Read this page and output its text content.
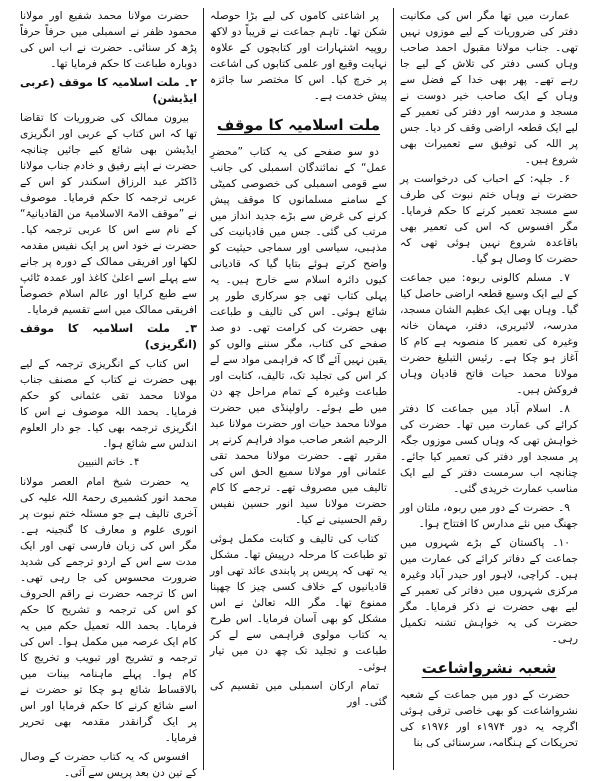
عمارت میں تھا مگر اس کی مکانیت دفتر کی ضروریات کے لیے موزوں نہیں تھی۔ جناب مولانا مقبول احمد صاحب وہاں کسی دفتر کی تلاش کے لیے جا رہے تھے۔ پھر بھی خدا کے فضل سے وہاں کے ایک صاحب خیر دوست نے مسجد و مدرسہ اور دفتر کی تعمیر کے لیے ایک قطعہ اراضی وقف کر دیا۔ جس پر اللہ کی توفیق سے تعمیرات بھی شروع ہیں۔

۶۔ جلپہ: کے احباب کی درخواست پر حضرت نے وہاں ختم نبوت کی طرف سے مسجد تعمیر کرنے کا حکم فرمایا۔ مگر افسوس کہ اس کی تعمیر بھی باقاعدہ شروع نہیں ہوئی تھی کہ حضرت کا وصال ہو گیا۔

۷۔ مسلم کالونی ربوہ: میں جماعت کے لیے ایک وسیع قطعہ اراضی حاصل کیا گیا۔ وہاں بھی ایک عظیم الشان مسجد، مدرسہ، لائبریری، دفتر، مہمان خانہ وغیرہ کی تعمیر کا منصوبہ ہے کام کا آغاز ہو چکا ہے۔ رئیس التبلیغ حضرت مولانا محمد حیات فاتح قادیان وہاں فروکش ہیں۔

۸۔ اسلام آباد میں جماعت کا دفتر کرائے کی عمارت میں تھا۔ حضرت کی خواہش تھی کہ وہاں کسی موزوں جگہ پر مسجد اور دفتر کی تعمیر کیا جائے۔ چنانچہ اب سرمست دفتر کے لیے ایک مناسب عمارت خریدی گئی۔

۹۔ حضرت کے دور میں ربوہ، ملتان اور جھنگ میں نئے مدارس کا افتتاح ہوا۔

۱۰۔ پاکستان کے بڑے شہروں میں جماعت کے دفاتر کرائے کی عمارت میں ہیں۔ کراچی، لاہور اور حیدر آباد وغیرہ مرکزی شہروں میں دفاتر کی تعمیر کے لیے بھی حضرت نے ذکر فرمایا۔ مگر حضرت کی یہ خواہش تشنہ تکمیل رہی۔

شعبہ نشرواشاعت

حضرت کے دور میں جماعت کے شعبہ نشرواشاعت کو بھی خاصی ترقی ہوئی اگرچہ یہ دور ۱۹۷۴ء اور ۱۹۷۶ء کی تحریکات کے ہنگامہ، سرسنائی کی بنا

پر اشاعتی کاموں کی لیے بڑا حوصلہ شکن تھا۔ تاہم جماعت نے قریباً دو لاکھ روپیہ اشتہارات اور کتابچوں کے علاوہ نہایت وقیع اور علمی کتابوں کی اشاعت پر خرچ کیا۔ اس کا مختصر سا جائزہ پیش خدمت ہے۔

ملت اسلامیہ کا موقف

دو سو صفحے کی یہ کتاب ”محضرِ عمل“ کے نمائندگان اسمبلی کی جانب سے قومی اسمبلی کی خصوصی کمیٹی کے سامنے مسلمانوں کا موقف پیش کرنے کی غرض سے بڑے جدید انداز میں مرتب کی گئی۔ جس میں قادیانیت کی مذہبی، سیاسی اور سماجی حیثیت کو واضح کرتے ہوئے بتایا گیا کہ قادیانی کیوں دائرہ اسلام سے خارج ہیں۔ یہ پہلی کتاب تھی جو سرکاری طور پر شائع ہوئی۔ اس کی تالیف و طباعت بھی حضرت کی کرامت تھی۔ دو صد صفحے کی کتاب، مگر سننے والوں کو یقین نہیں آئے گا کہ فراہمی مواد سے لے کر اس کی تجلید تک، تالیف، کتابت اور طباعت وغیرہ کے تمام مراحل چھ دن میں طے ہوئے۔ راولپنڈی میں حضرت مولانا محمد حیات اور حضرت مولانا عبد الرحیم اشعر صاحب مواد فراہم کرنے پر مقرر تھے۔ حضرت مولانا محمد تقی عثمانی اور مولانا سمیع الحق اس کی تالیف میں مصروف تھے۔ ترجمے کا کام حضرت مولانا سید انور حسین نفیس رقم الحسینی نے کیا۔

کتاب کی تالیف و کتابت مکمل ہوئی تو طباعت کا مرحلہ درپیش تھا۔ مشکل یہ تھی کہ پریس پر پابندی عائد تھی اور قادیانیوں کے خلاف کسی چیز کا چھپنا ممنوع تھا۔ مگر اللہ تعالیٰ نے اس مشکل کو بھی آسان فرمایا۔ اس طرح یہ کتاب مولوی فراہمی سے لے کر طباعت و تجلید تک چھ دن میں تیار ہوئی۔

تمام ارکان اسمبلی میں تقسیم کی گئی۔ اور

حضرت مولانا محمد شفیع اور مولانا محمود ظفر نے اسمبلی میں حرفاً حرفاً پڑھ کر سنائی۔ حضرت نے اب اس کی دوبارہ طباعت کا حکم فرمایا تھا۔

۲۔ ملت اسلامیہ کا موقف (عربی ایڈیشن)

بیرون ممالک کی ضروریات کا تقاضا تھا کہ اس کتاب کے عربی اور انگریزی ایڈیشن بھی شائع کیے جائیں چنانچہ حضرت نے اپنے رفیق و خادم جناب مولانا ڈاکٹر عبد الرزاق اسکندر کو اس کے عربی ترجمہ کا حکم فرمایا۔ موصوف نے ”موقف الامۃ الاسلامیۃ من القادیانیۃ“ کے نام سے اس کا عربی ترجمہ کیا۔ حضرت نے خود اس پر ایک نفیس مقدمہ لکھا اور افریقی ممالک کے دورہ پر جانے سے پہلے اسے اعلیٰ کاغذ اور عمدہ ٹائپ سے طبع کرایا اور عالم اسلام خصوصاً افریقی ممالک میں اسے تقسیم فرمایا۔

۳۔ ملت اسلامیہ کا موقف (انگریزی)

اس کتاب کے انگریزی ترجمہ کے لیے بھی حضرت نے کتاب کے مصنف جناب مولانا محمد تقی عثمانی کو حکم فرمایا۔ بحمد اللہ موصوف نے اس کا انگریزی ترجمہ بھی کیا۔ جو دار العلوم اندلس سے شائع ہوا۔

۴۔ خاتم النبیین

یہ حضرت شیخ امام العصر مولانا محمد انور کشمیری رحمۃ اللہ علیہ کی آخری تالیف ہے جو مسئلہ ختم نبوت پر انوری علوم و معارف کا گنجینہ ہے۔ مگر اس کی زبان فارسی تھی اور ایک مدت سے اس کے اردو ترجمے کی شدید ضرورت محسوس کی جا رہی تھی۔ اس کا ترجمہ حضرت نے راقم الحروف کو اس کی ترجمہ و تشریح کا حکم فرمایا۔ بحمد اللہ تعمیل حکم میں یہ کام ایک عرصہ میں مکمل ہوا۔ اس کی ترجمہ و تشریح اور تبویب و تخریج کا کام ہوا۔ پہلے ماہنامہ بینات میں بالاقساط شائع ہو چکا تو حضرت نے اسے شائع کرنے کا حکم فرمایا اور اس پر ایک گرانقدر مقدمہ بھی تحریر فرمایا۔

افسوس کہ یہ کتاب حضرت کے وصال کے تین دن بعد پریس سے آئی۔
